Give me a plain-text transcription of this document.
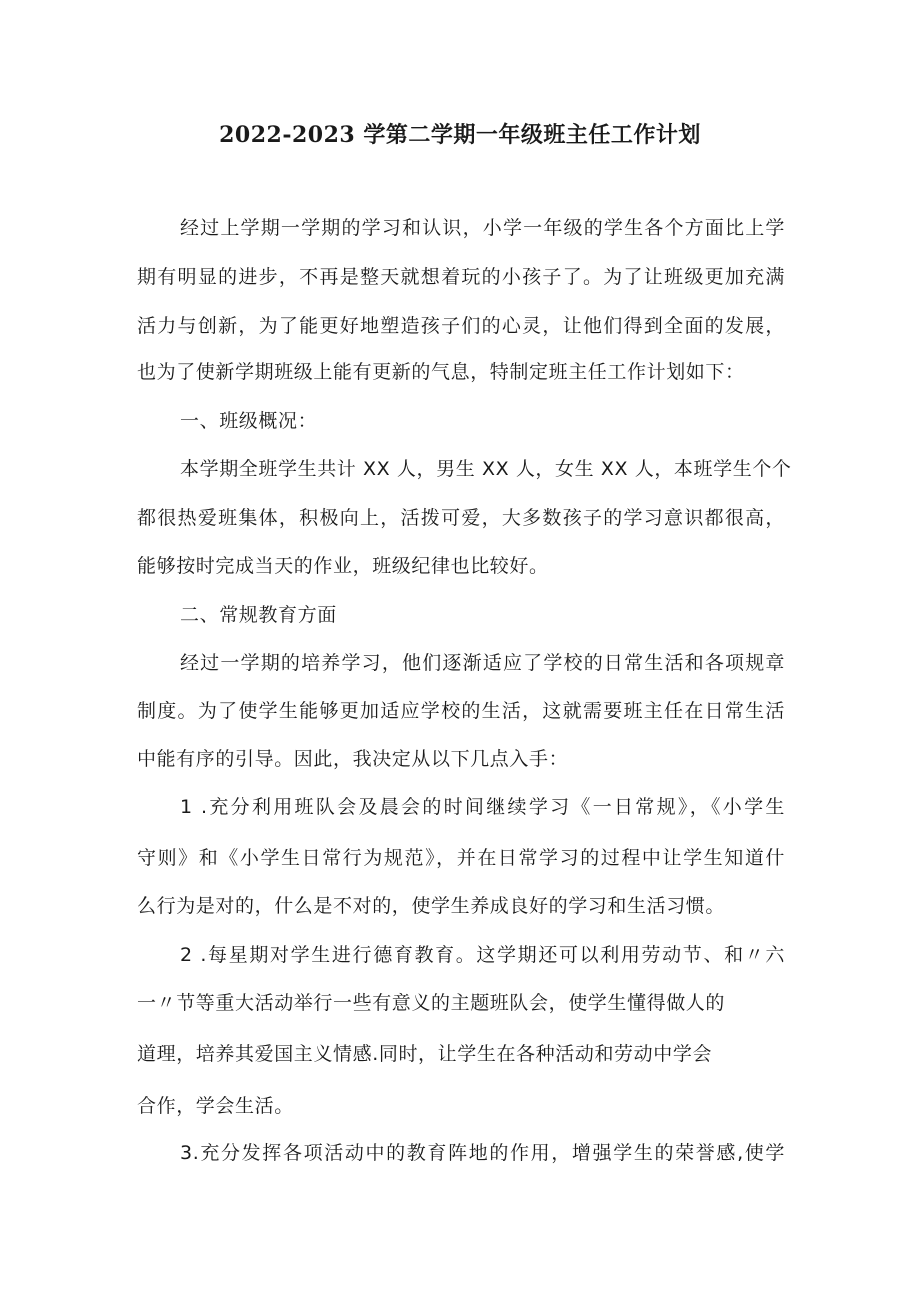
2022-2023 学第二学期一年级班主任工作计划
经过上学期一学期的学习和认识，小学一年级的学生各个方面比上学
期有明显的进步，不再是整天就想着玩的小孩子了。为了让班级更加充满
活力与创新，为了能更好地塑造孩子们的心灵，让他们得到全面的发展，
也为了使新学期班级上能有更新的气息，特制定班主任工作计划如下：
一、班级概况：
本学期全班学生共计 XX 人，男生 XX 人，女生 XX 人，本班学生个个
都很热爱班集体，积极向上，活拨可爱，大多数孩子的学习意识都很高，
能够按时完成当天的作业，班级纪律也比较好。
二、常规教育方面
经过一学期的培养学习，他们逐渐适应了学校的日常生活和各项规章
制度。为了使学生能够更加适应学校的生活，这就需要班主任在日常生活
中能有序的引导。因此，我决定从以下几点入手：
1 .充分利用班队会及晨会的时间继续学习《一日常规》，《小学生
守则》和《小学生日常行为规范》，并在日常学习的过程中让学生知道什
么行为是对的，什么是不对的，使学生养成良好的学习和生活习惯。
2 .每星期对学生进行德育教育。这学期还可以利用劳动节、和〃六
一〃节等重大活动举行一些有意义的主题班队会，使学生懂得做人的
道理，培养其爱国主义情感.同时，让学生在各种活动和劳动中学会
合作，学会生活。
3.充分发挥各项活动中的教育阵地的作用，增强学生的荣誉感,使学
